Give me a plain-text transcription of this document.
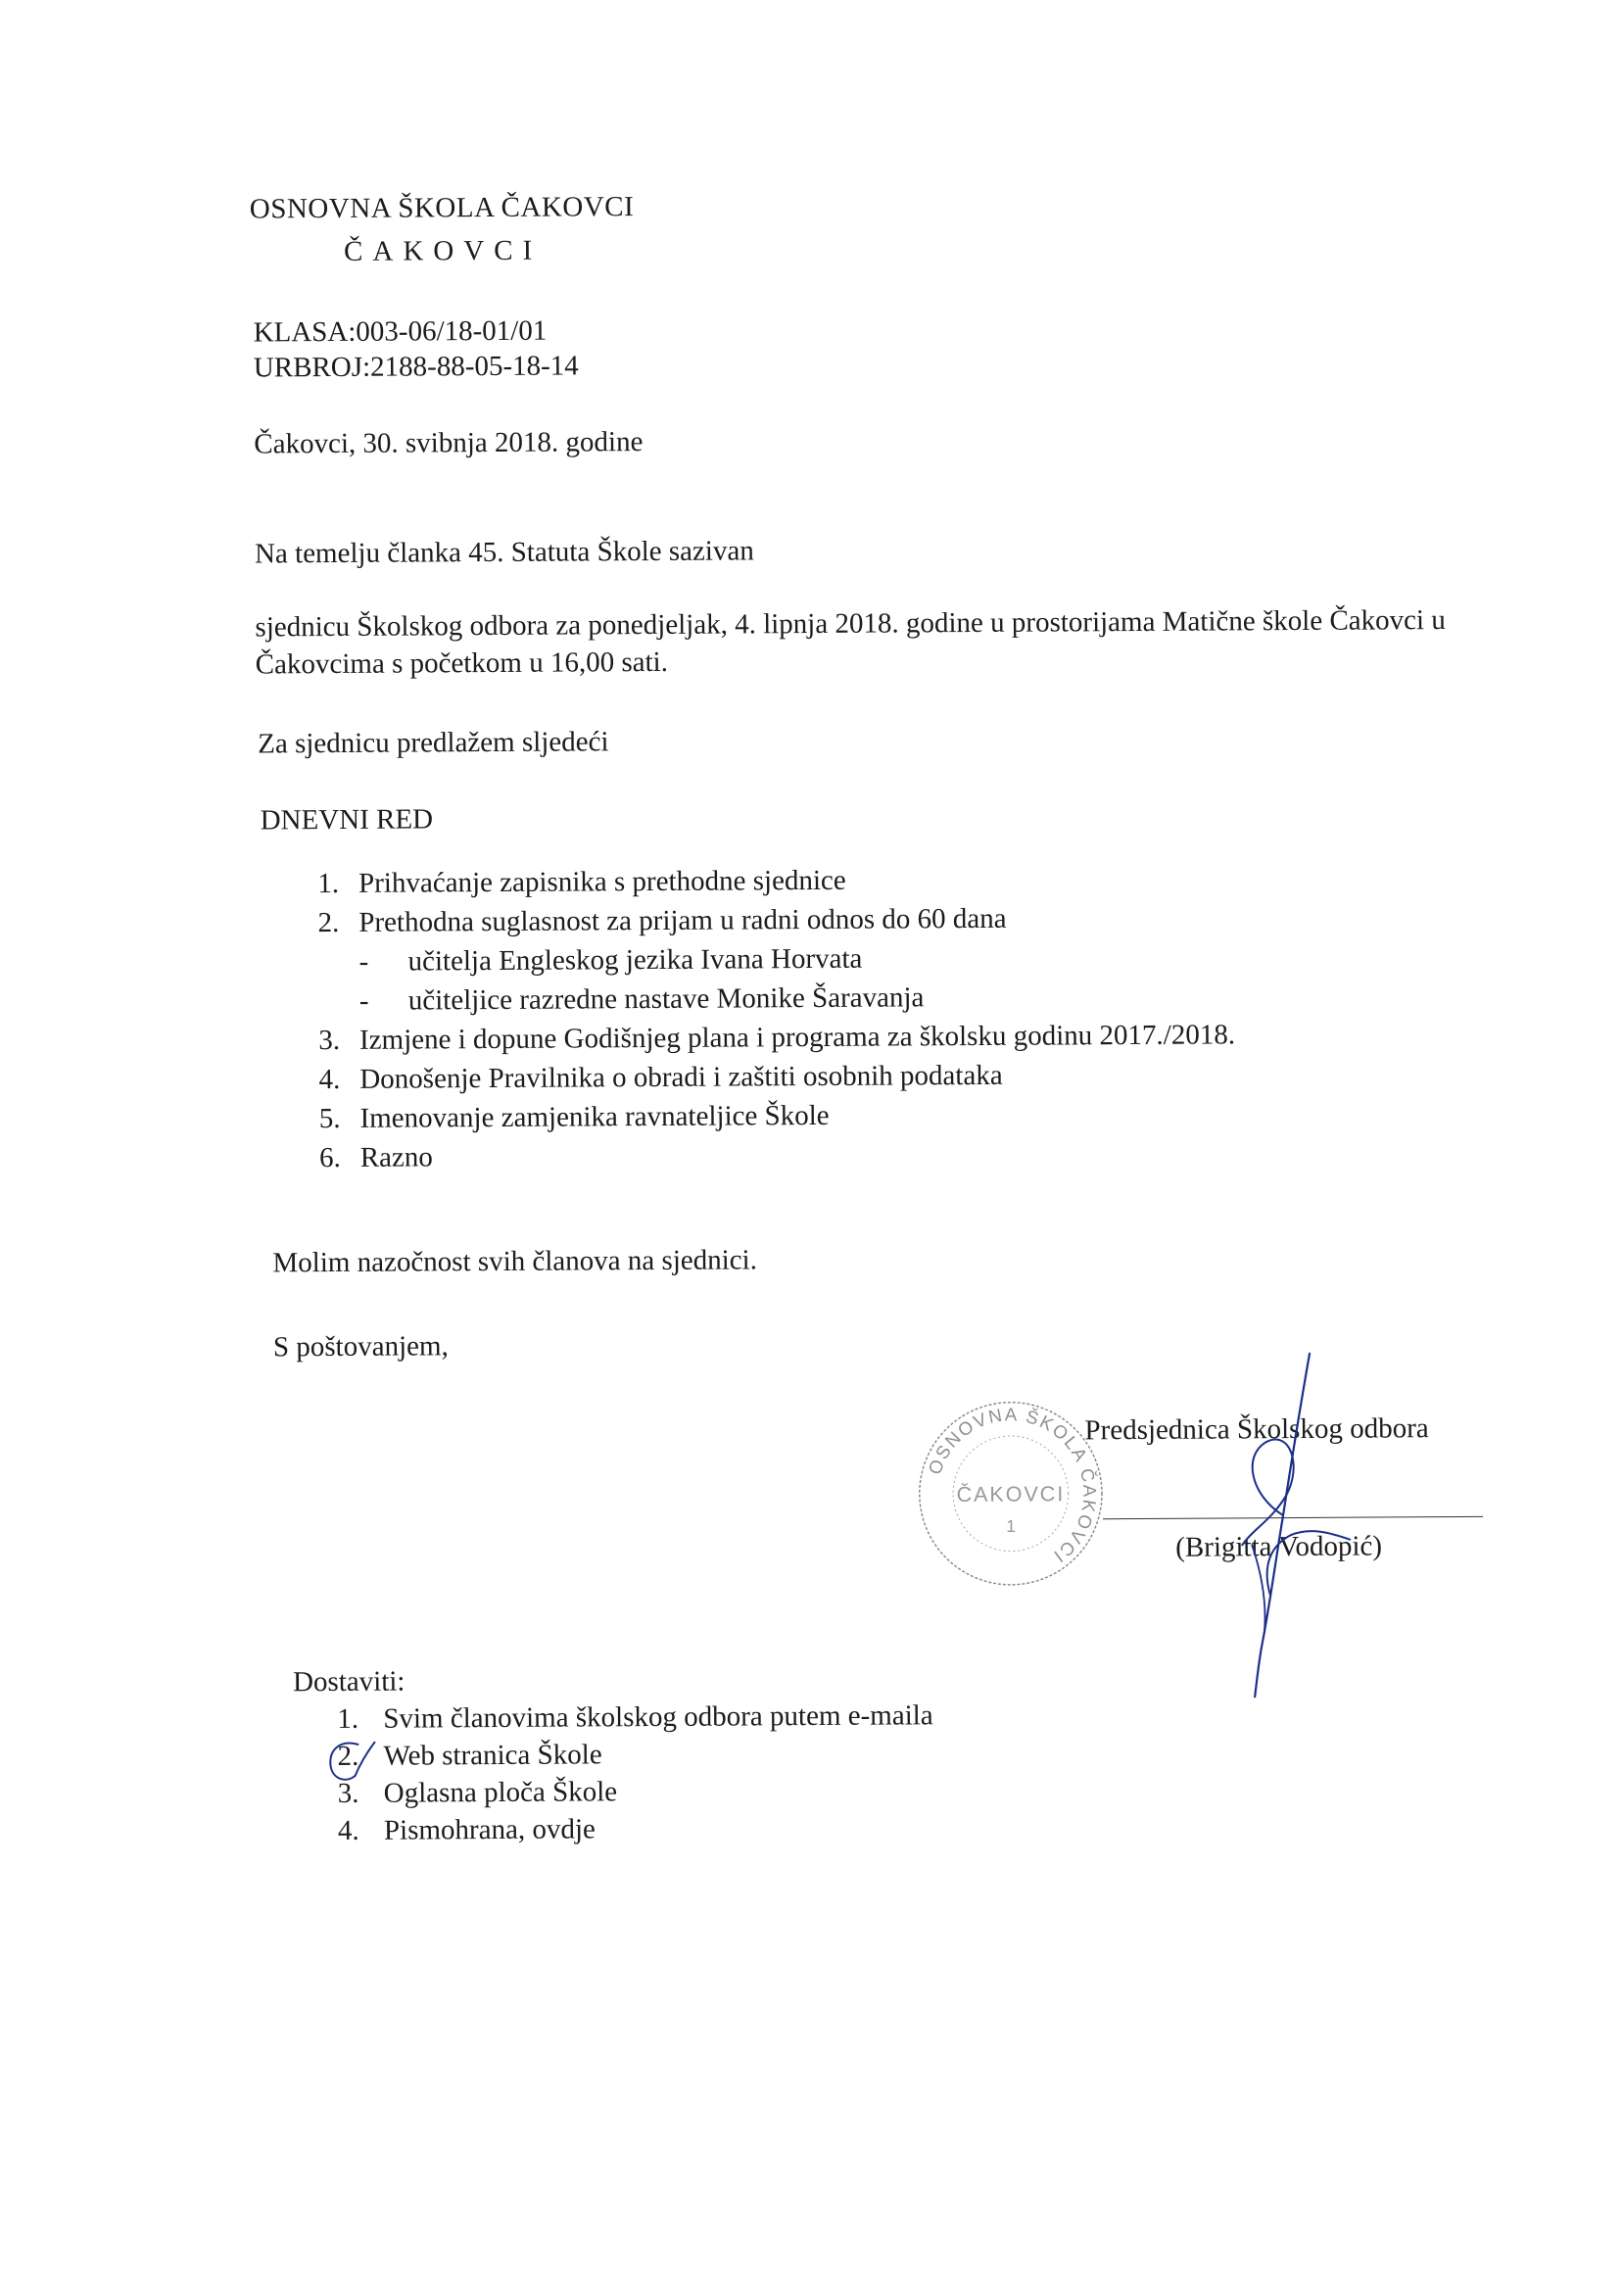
OSNOVNA ŠKOLA ČAKOVCI
ČAKOVCI
KLASA:003-06/18-01/01
URBROJ:2188-88-05-18-14
Čakovci, 30. svibnja 2018. godine
Na temelju članka 45. Statuta Škole sazivan
sjednicu Školskog odbora za ponedjeljak, 4. lipnja 2018. godine u prostorijama Matične škole Čakovci u Čakovcima s početkom u 16,00 sati.
Za sjednicu predlažem sljedeći
DNEVNI RED
1. Prihvaćanje zapisnika s prethodne sjednice
2. Prethodna suglasnost za prijam u radni odnos do 60 dana
-	učitelja Engleskog jezika Ivana Horvata
-	učiteljice razredne nastave Monike Šaravanja
3. Izmjene i dopune Godišnjeg plana i programa za školsku godinu 2017./2018.
4. Donošenje Pravilnika o obradi i zaštiti osobnih podataka
5. Imenovanje zamjenika ravnateljice Škole
6. Razno
Molim nazočnost svih članova na sjednici.
S poštovanjem,
OSNOVNA ŠKOLA ČAKOVCI
ČAKOVCI
1
Predsjednica Školskog odbora
(Brigitta Vodopić)
Dostaviti:
1. Svim članovima školskog odbora putem e-maila
2. Web stranica Škole
3. Oglasna ploča Škole
4. Pismohrana, ovdje
